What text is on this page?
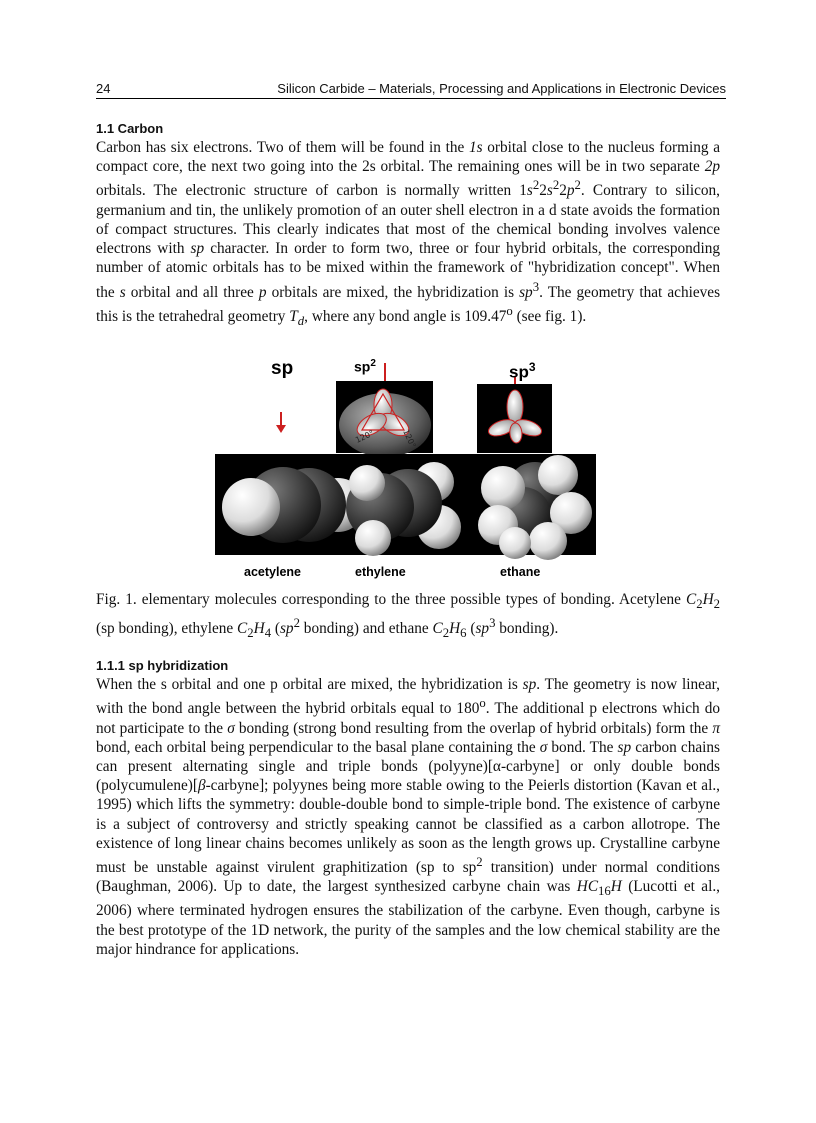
24	Silicon Carbide – Materials, Processing and Applications in Electronic Devices
1.1 Carbon

Carbon has six electrons. Two of them will be found in the 1s orbital close to the nucleus forming a compact core, the next two going into the 2s orbital. The remaining ones will be in two separate 2p orbitals. The electronic structure of carbon is normally written $1s^22s^22p^2$. Contrary to silicon, germanium and tin, the unlikely promotion of an outer shell electron in a d state avoids the formation of compact structures. This clearly indicates that most of the chemical bonding involves valence electrons with sp character. In order to form two, three or four hybrid orbitals, the corresponding number of atomic orbitals has to be mixed within the framework of "hybridization concept". When the s orbital and all three p orbitals are mixed, the hybridization is $sp^3$. The geometry that achieves this is the tetrahedral geometry $T_d$, where any bond angle is 109.47$^o$ (see fig. 1).

sp	$sp^2$	$sp^3$
120°	120°
acetylene	ethylene	ethane

Fig. 1. elementary molecules corresponding to the three possible types of bonding. Acetylene $C_2H_2$ (sp bonding), ethylene $C_2H_4$ ($sp^2$ bonding) and ethane $C_2H_6$ ($sp^3$ bonding).

1.1.1 sp hybridization

When the s orbital and one p orbital are mixed, the hybridization is sp. The geometry is now linear, with the bond angle between the hybrid orbitals equal to 180$^o$. The additional p electrons which do not participate to the σ bonding (strong bond resulting from the overlap of hybrid orbitals) form the π bond, each orbital being perpendicular to the basal plane containing the σ bond. The sp carbon chains can present alternating single and triple bonds (polyyne)[α-carbyne] or only double bonds (polycumulene)[β-carbyne]; polyynes being more stable owing to the Peierls distortion (Kavan et al., 1995) which lifts the symmetry: double-double bond to simple-triple bond. The existence of carbyne is a subject of controversy and strictly speaking cannot be classified as a carbon allotrope. The existence of long linear chains becomes unlikely as soon as the length grows up. Crystalline carbyne must be unstable against virulent graphitization (sp to $sp^2$ transition) under normal conditions (Baughman, 2006). Up to date, the largest synthesized carbyne chain was $HC_{16}H$ (Lucotti et al., 2006) where terminated hydrogen ensures the stabilization of the carbyne. Even though, carbyne is the best prototype of the 1D network, the purity of the samples and the low chemical stability are the major hindrance for applications.
